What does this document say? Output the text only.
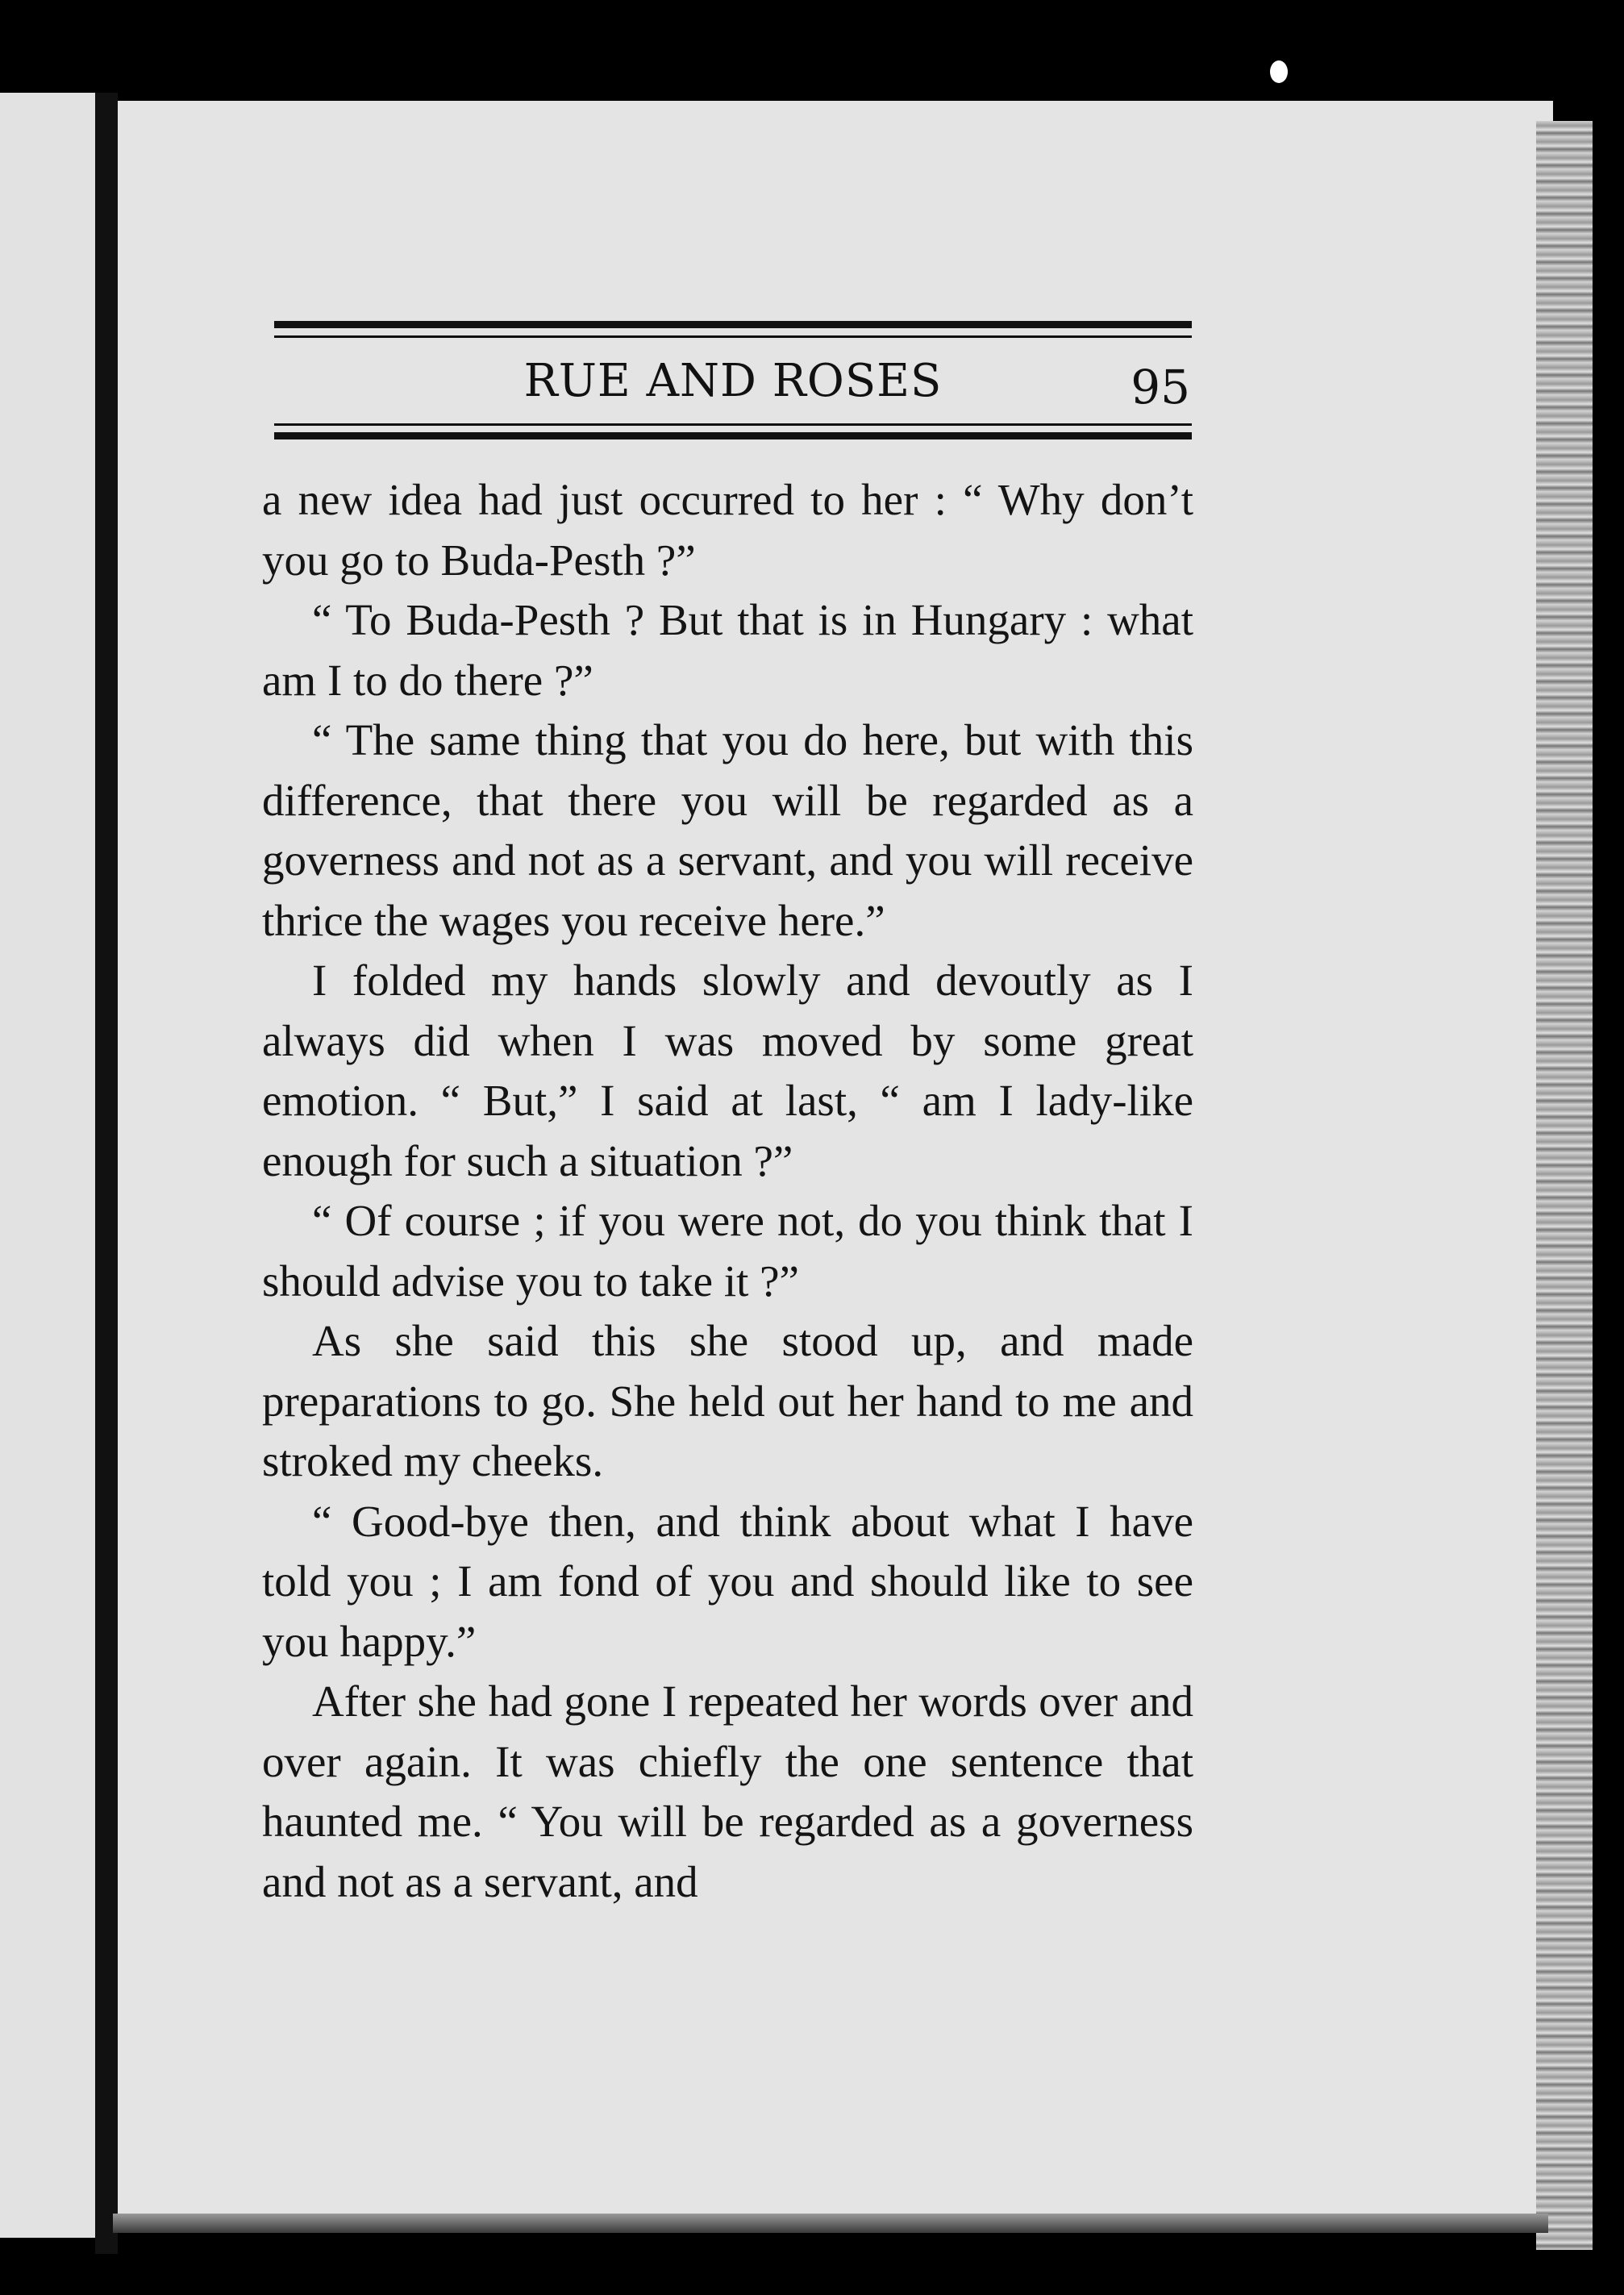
RUE AND ROSES	95

a new idea had just occurred to her : “ Why don’t you go to Buda-Pesth ?”

“ To Buda-Pesth ? But that is in Hungary : what am I to do there ?”

“ The same thing that you do here, but with this difference, that there you will be regarded as a governess and not as a servant, and you will receive thrice the wages you receive here.”

I folded my hands slowly and devoutly as I always did when I was moved by some great emotion. “ But,” I said at last, “ am I lady-like enough for such a situation ?”

“ Of course ; if you were not, do you think that I should advise you to take it ?”

As she said this she stood up, and made preparations to go. She held out her hand to me and stroked my cheeks.

“ Good-bye then, and think about what I have told you ; I am fond of you and should like to see you happy.”

After she had gone I repeated her words over and over again. It was chiefly the one sentence that haunted me. “ You will be regarded as a governess and not as a servant, and
